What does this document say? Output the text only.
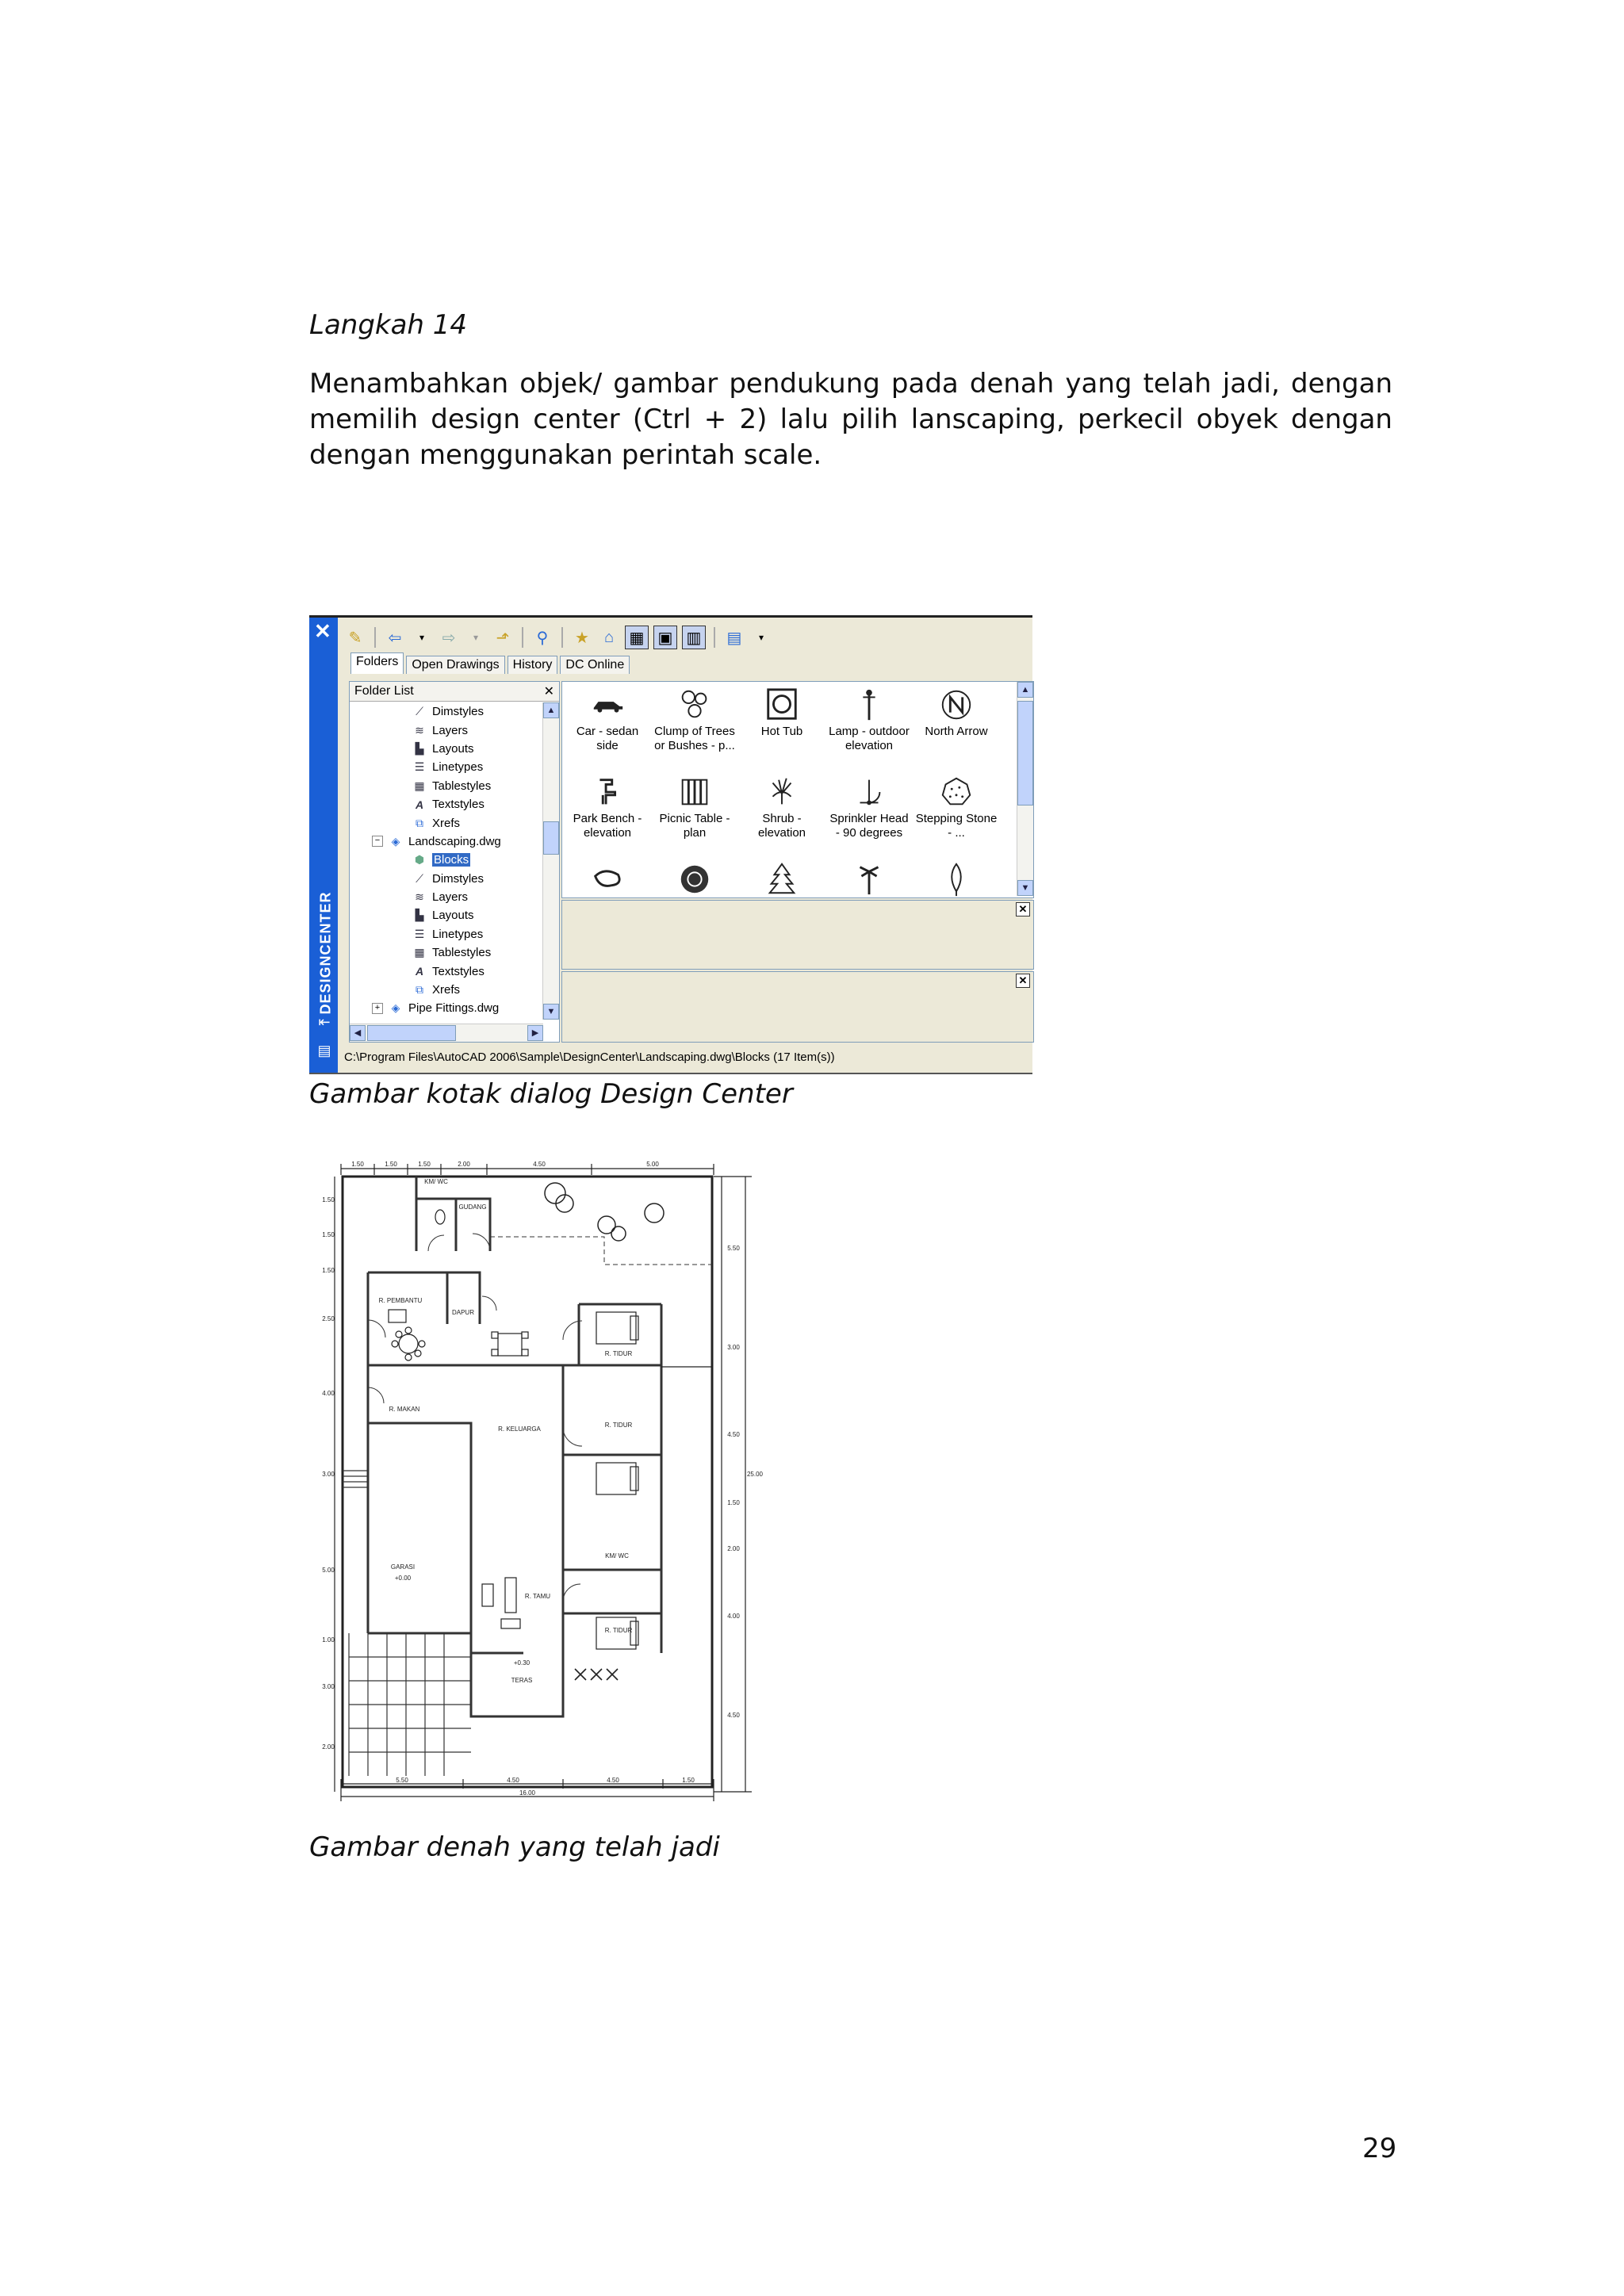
Langkah 14
Menambahkan objek/ gambar pendukung pada denah yang telah jadi, dengan memilih design center (Ctrl + 2) lalu pilih lanscaping, perkecil obyek dengan dengan menggunakan perintah scale.
✕
DESIGNCENTER
⇤
▤
✎ ⇦	▾	⇨	▾	⬏	⚲	★ ⌂ ▦ ▣ ▥ ▤	▾
Folders	Open Drawings	History	DC Online
Folder List	✕
⟋ Dimstyles
≋ Layers
▙ Layouts
☰ Linetypes
▦ Tablestyles
A Textstyles
⧉ Xrefs
−	◈ Landscaping.dwg
⬢ Blocks
⟋ Dimstyles
≋ Layers
▙ Layouts
☰ Linetypes
▦ Tablestyles
A Textstyles
⧉ Xrefs
+	◈ Pipe Fittings.dwg
▲
▼
◀	▶
Car - sedan side
Clump of Trees or Bushes - p...
Hot Tub	Lamp - outdoor elevation
North Arrow
Park Bench - elevation
Picnic Table - plan
Shrub - elevation
Sprinkler Head - 90 degrees
Stepping Stone - ...
▲
▼
✕
✕
C:\Program Files\AutoCAD 2006\Sample\DesignCenter\Landscaping.dwg\Blocks (17 Item(s))
Gambar kotak dialog Design Center
1.50	1.50	1.50	2.00	4.50	5.00
1.50
1.50
1.50
2.50
4.00
3.00
5.00
1.00
3.00
2.00
5.50
3.00
4.50
1.50
2.00
4.00
4.50
25.00
5.50	4.50	4.50	1.50
16.00
KM/ WC
GUDANG
R. PEMBANTU
DAPUR
R. TIDUR
R. MAKAN
R. KELUARGA
R. TIDUR
KM/ WC
GARASI
+0.00
R. TAMU
R. TIDUR
+0.30
TERAS
Gambar denah yang telah jadi
29
